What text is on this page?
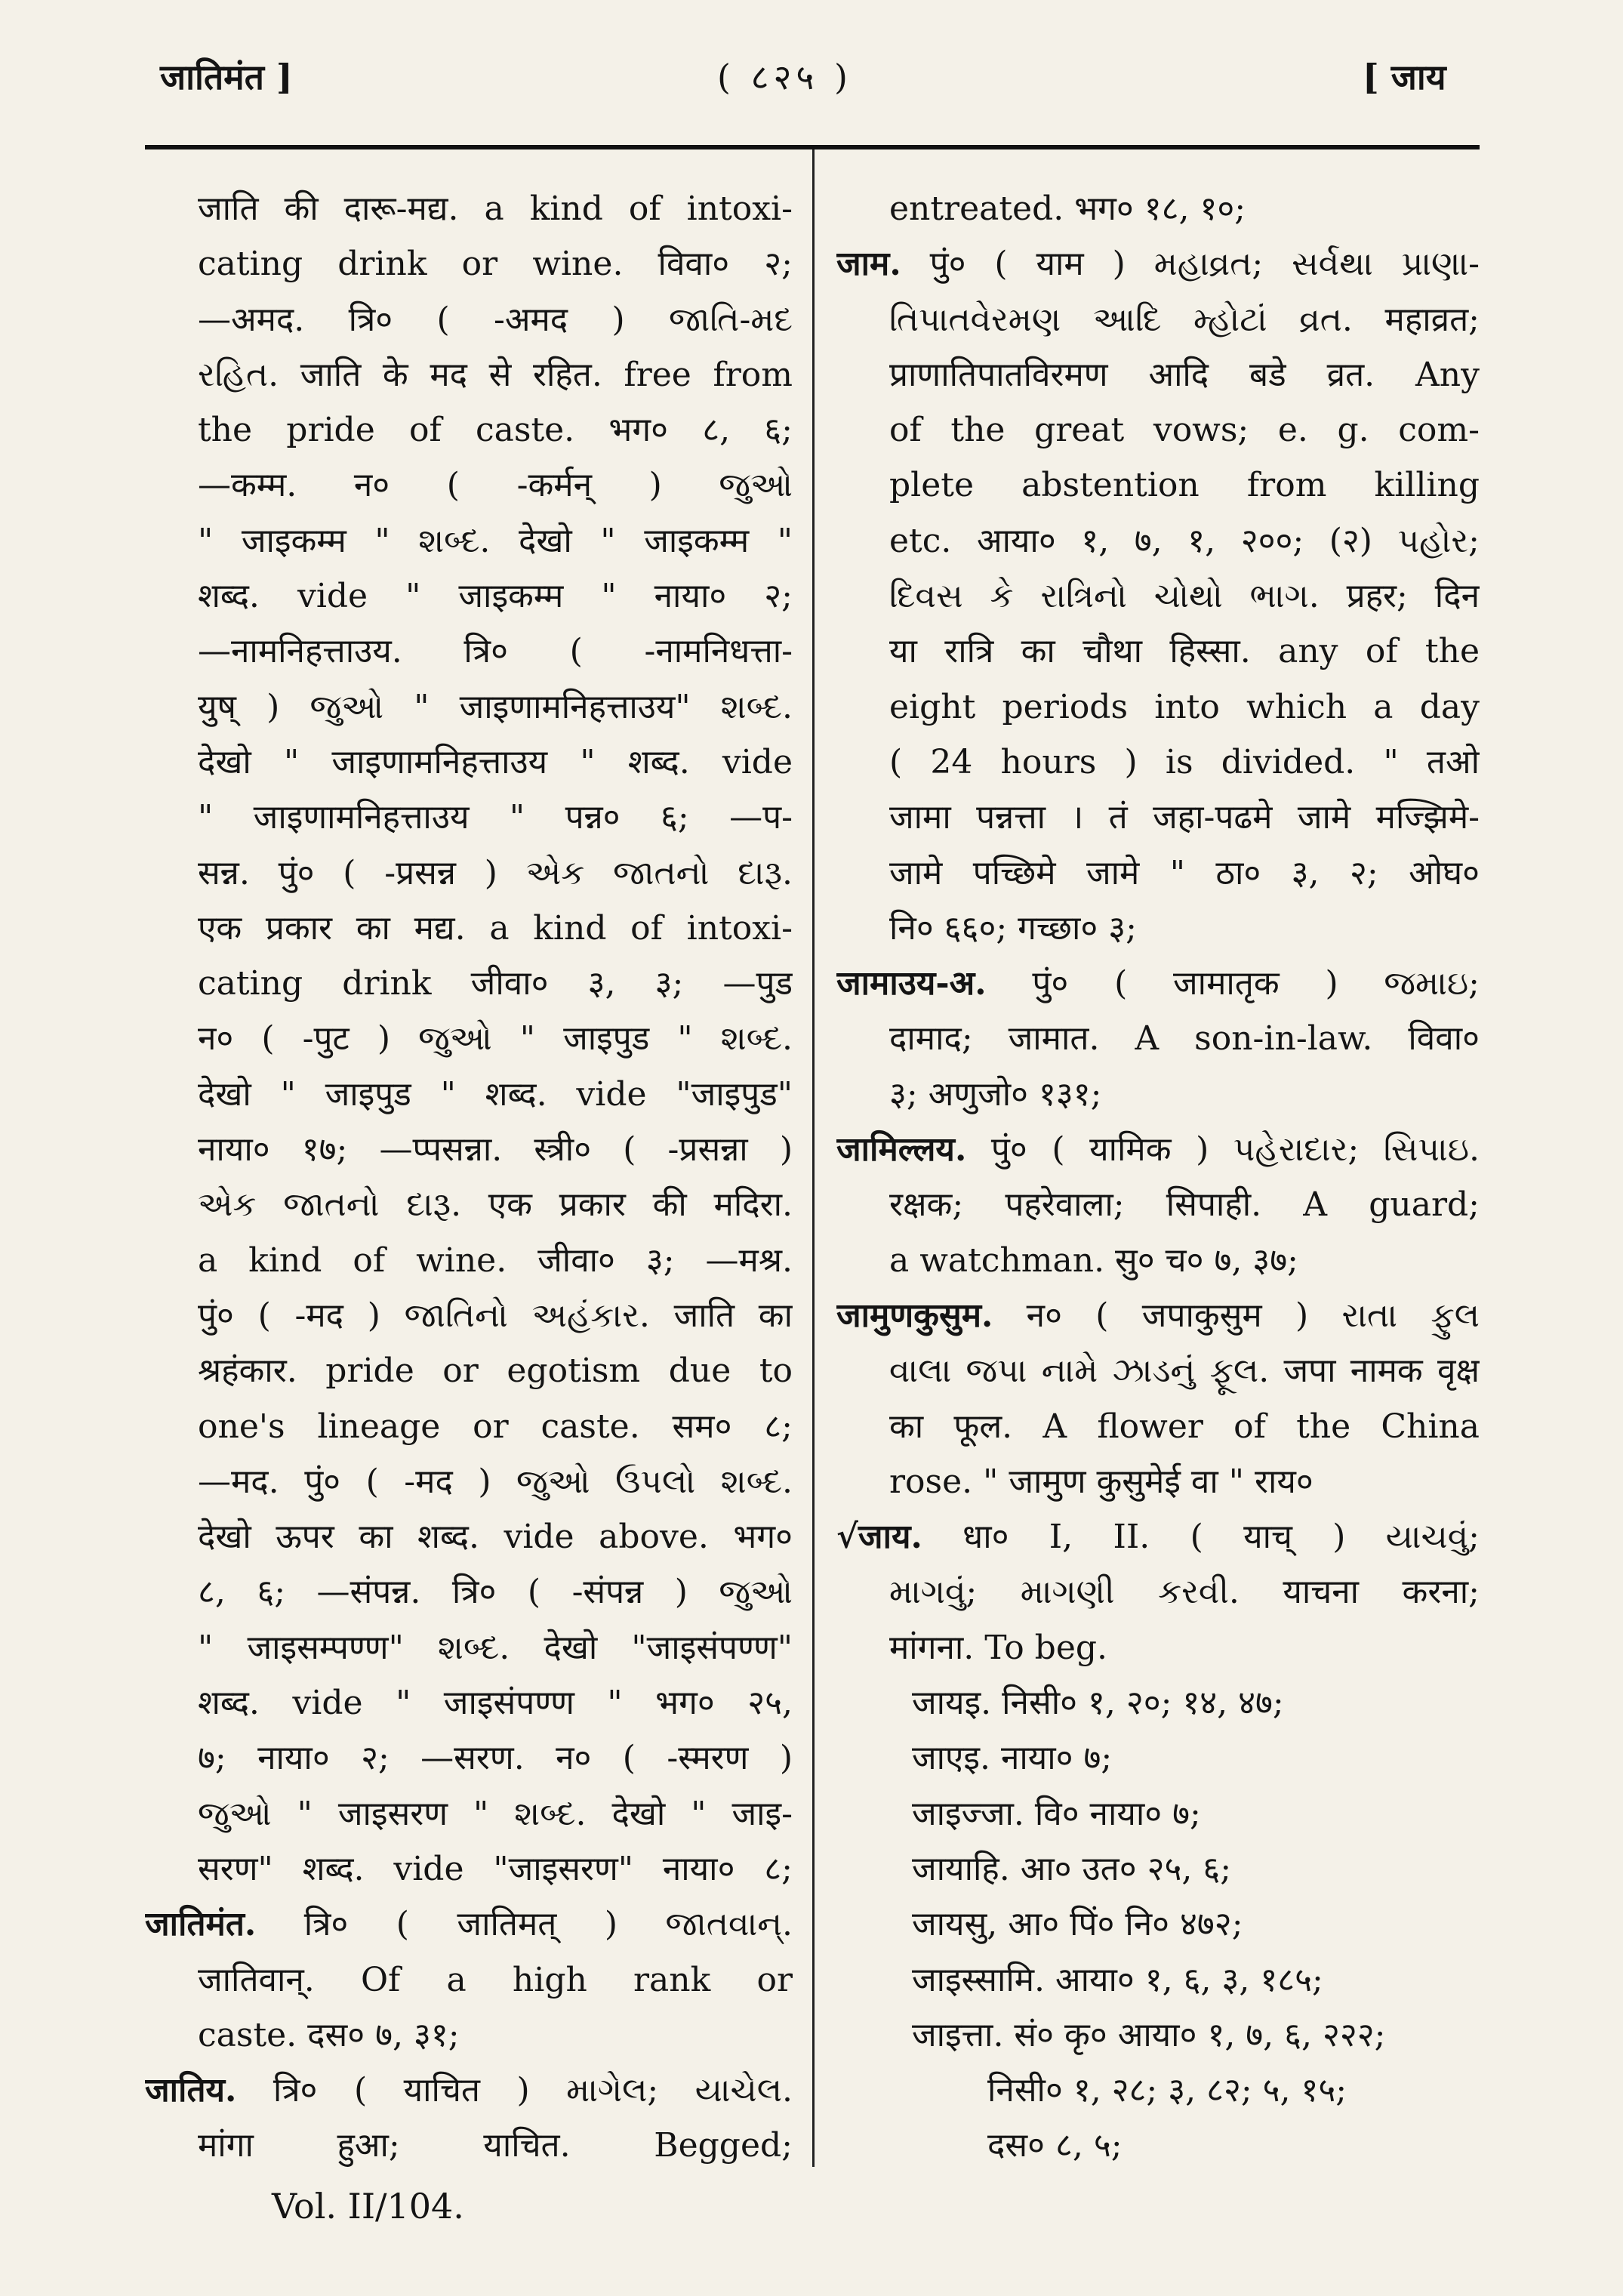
जातिमंत ]	( ८२५ )	[ जाय
जाति की दारू-मद्य. a kind of intoxi-
cating drink or wine. विवा० २;
—अमद. त्रि० ( -अमद ) જાતિ-મદ
રહિત. जाति के मद से रहित. free from
the pride of caste. भग० ८, ६;
—कम्म. न० ( -कर्मन् ) જુઓ
" जाइकम्म " શબ્દ. देखो " जाइकम्म "
शब्द. vide " जाइकम्म " नाया० २;
—नामनिहत्ताउय. त्रि० ( -नामनिधत्ता-
युष् ) જુઓ " जाइणामनिहत्ताउय" શબ્દ.
देखो " जाइणामनिहत्ताउय " शब्द. vide
" जाइणामनिहत्ताउय " पन्न० ६; —प-
सन्न. पुं० ( -प्रसन्न ) એક જાતનો દારૂ.
एक प्रकार का मद्य. a kind of intoxi-
cating drink जीवा० ३, ३; —पुड
न० ( -पुट ) જુઓ " जाइपुड " શબ્દ.
देखो " जाइपुड " शब्द. vide "जाइपुड"
नाया० १७; —प्पसन्ना. स्त्री० ( -प्रसन्ना )
એક જાતનો દારૂ. एक प्रकार की मदिरा.
a kind of wine. जीवा० ३; —मश्र.
पुं० ( -मद ) જાતિનો અહંકાર. जाति का
श्रहंकार. pride or egotism due to
one's lineage or caste. सम० ८;
—मद. पुं० ( -मद ) જુઓ ઉપલો શબ્દ.
देखो ऊपर का शब्द. vide above. भग०
८, ६; —संपन्न. त्रि० ( -संपन्न ) જુઓ
" जाइसम्पण्ण" શબ્દ. देखो "जाइसंपण्ण"
शब्द. vide " जाइसंपण्ण " भग० २५,
७; नाया० २; —सरण. न० ( -स्मरण )
જુઓ " जाइसरण " શબ્દ. देखो " जाइ-
सरण" शब्द. vide "जाइसरण" नाया० ८;
जातिमंत. त्रि० ( जातिमत् ) જાતવાન્.
जातिवान्. Of a high rank or
caste. दस० ७, ३१;
जातिय. त्रि० ( याचित ) માગેલ; યાચેલ.
मांगा हुआ; याचित. Begged;
entreated. भग० १८, १०;
जाम. पुं० ( याम ) મહાવ્રત; સર્વથા પ્રાણા-
તિપાતવેરમણ આદિ મ્હોટાં વ્રત. महाव्रत;
प्राणातिपातविरमण आदि बडे व्रत. Any
of the great vows; e. g. com-
plete abstention from killing
etc. आया० १, ७, १, २००; (२) પહોર;
દિવસ કે રાત્રિનો ચોથો ભાગ. प्रहर; दिन
या रात्रि का चौथा हिस्सा. any of the
eight periods into which a day
( 24 hours ) is divided. " तओ
जामा पन्नत्ता । तं जहा-पढमे जामे मज्झिमे-
जामे पच्छिमे जामे " ठा० ३, २; ओघ०
नि० ६६०; गच्छा० ३;
जामाउय-अ. पुं० ( जामातृक ) જમાઇ;
दामाद; जामात. A son-in-law. विवा०
३; अणुजो० १३१;
जामिल्लय. पुं० ( यामिक ) પહેરાદાર; સિપાઇ.
रक्षक; पहरेवाला; सिपाही. A guard;
a watchman. सु० च० ७, ३७;
जामुणकुसुम. न० ( जपाकुसुम ) રાતા ફુલ
વાલા જપા નામે ઝાડનું ફૂલ. जपा नामक वृक्ष
का फूल. A flower of the China
rose. " जामुण कुसुमेई वा " राय०
√जाय. धा० I, II. ( याच् ) યાચવું;
માગવું; માગણી કરવી. याचना करना;
मांगना. To beg.
जायइ. निसी० १, २०; १४, ४७;
जाएइ. नाया० ७;
जाइज्जा. वि० नाया० ७;
जायाहि. आ० उत० २५, ६;
जायसु, आ० पिं० नि० ४७२;
जाइस्सामि. आया० १, ६, ३, १८५;
जाइत्ता. सं० कृ० आया० १, ७, ६, २२२;
निसी० १, २८; ३, ८२; ५, १५;
दस० ८, ५;
Vol. II/104.
